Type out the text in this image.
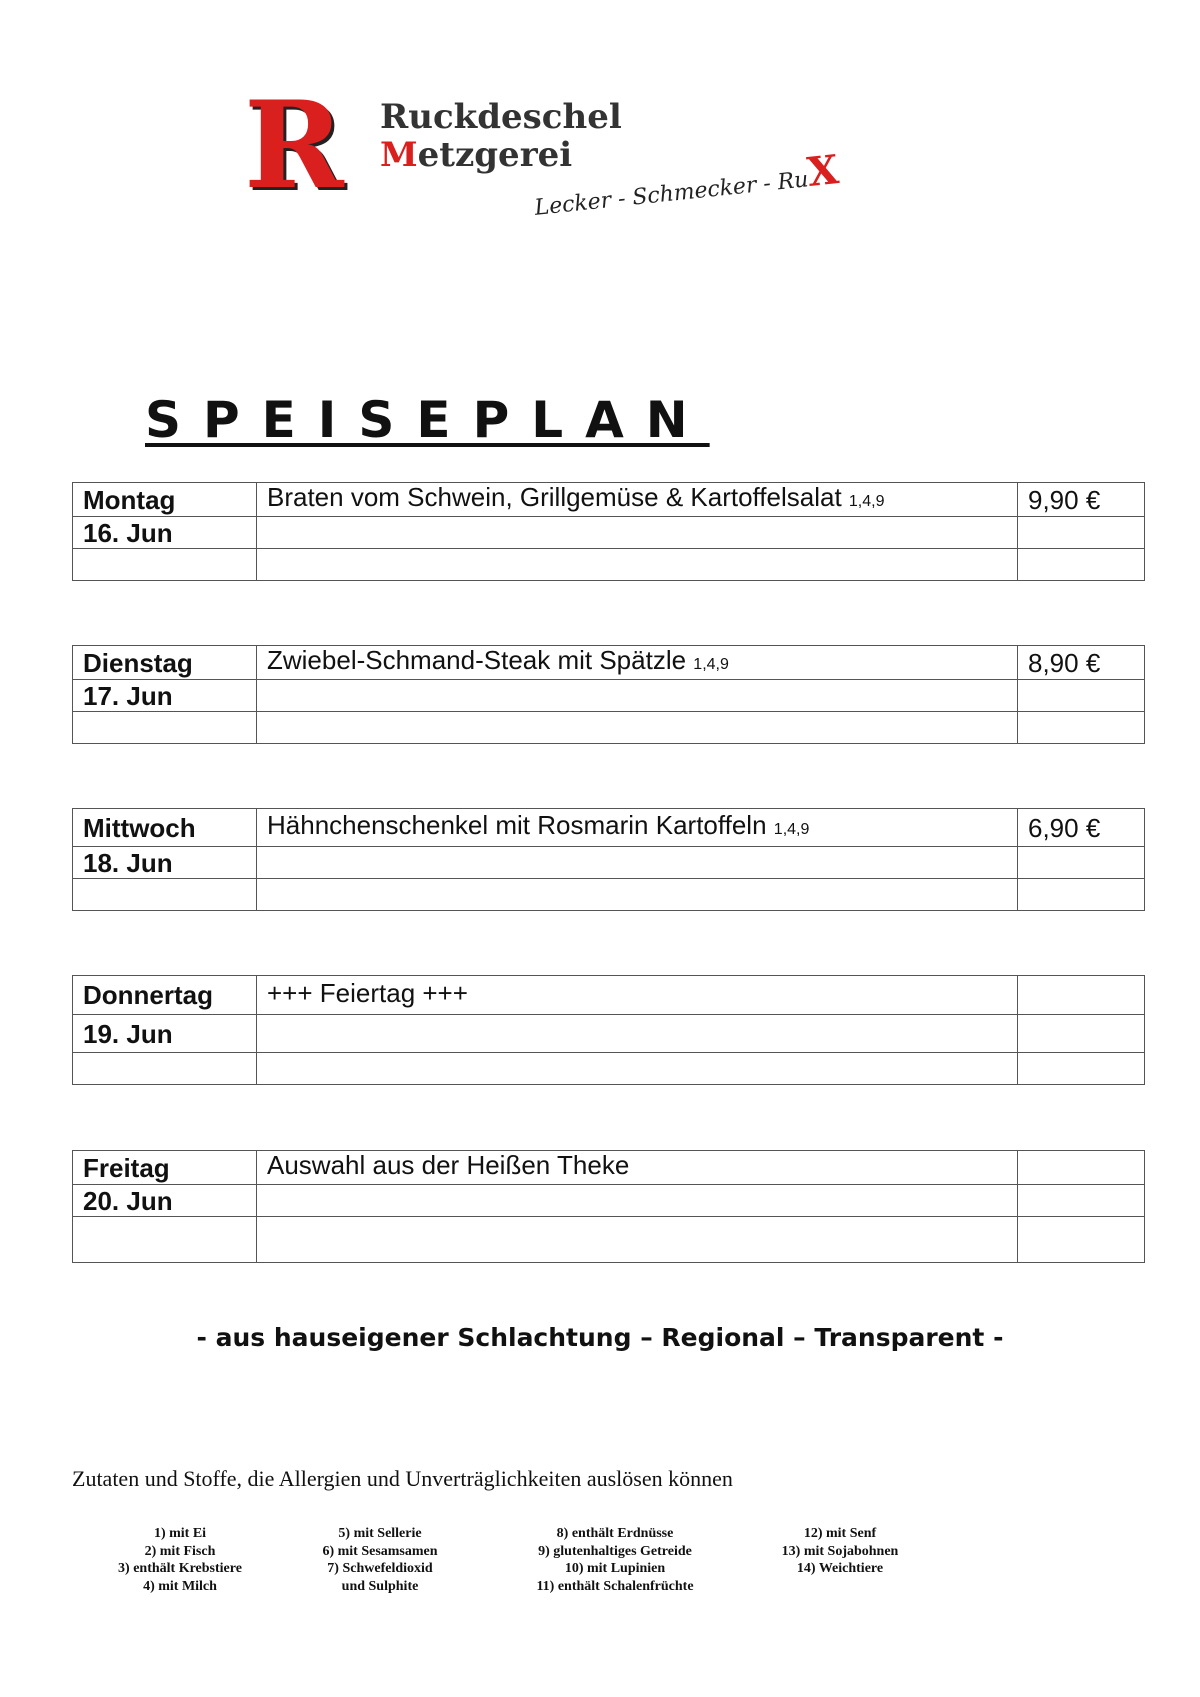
R	Ruckdeschel
Metzgerei
Lecker - Schmecker - RuX
SPEISEPLAN
Montag	Braten vom Schwein, Grillgemüse & Kartoffelsalat 1,4,9	9,90 €
16. Jun		

Dienstag	Zwiebel-Schmand-Steak mit Spätzle 1,4,9	8,90 €
17. Jun		

Mittwoch	Hähnchenschenkel mit Rosmarin Kartoffeln 1,4,9	6,90 €
18. Jun		

Donnertag	+++ Feiertag +++	
19. Jun		

Freitag	Auswahl aus der Heißen Theke	
20. Jun		

- aus hauseigener Schlachtung – Regional – Transparent -
Zutaten und Stoffe, die Allergien und Unverträglichkeiten auslösen können
1) mit Ei
2) mit Fisch
3) enthält Krebstiere
4) mit Milch
5) mit Sellerie
6) mit Sesamsamen
7) Schwefeldioxid
und Sulphite
8) enthält Erdnüsse
9) glutenhaltiges Getreide
10) mit Lupinien
11) enthält Schalenfrüchte
12) mit Senf
13) mit Sojabohnen
14) Weichtiere
